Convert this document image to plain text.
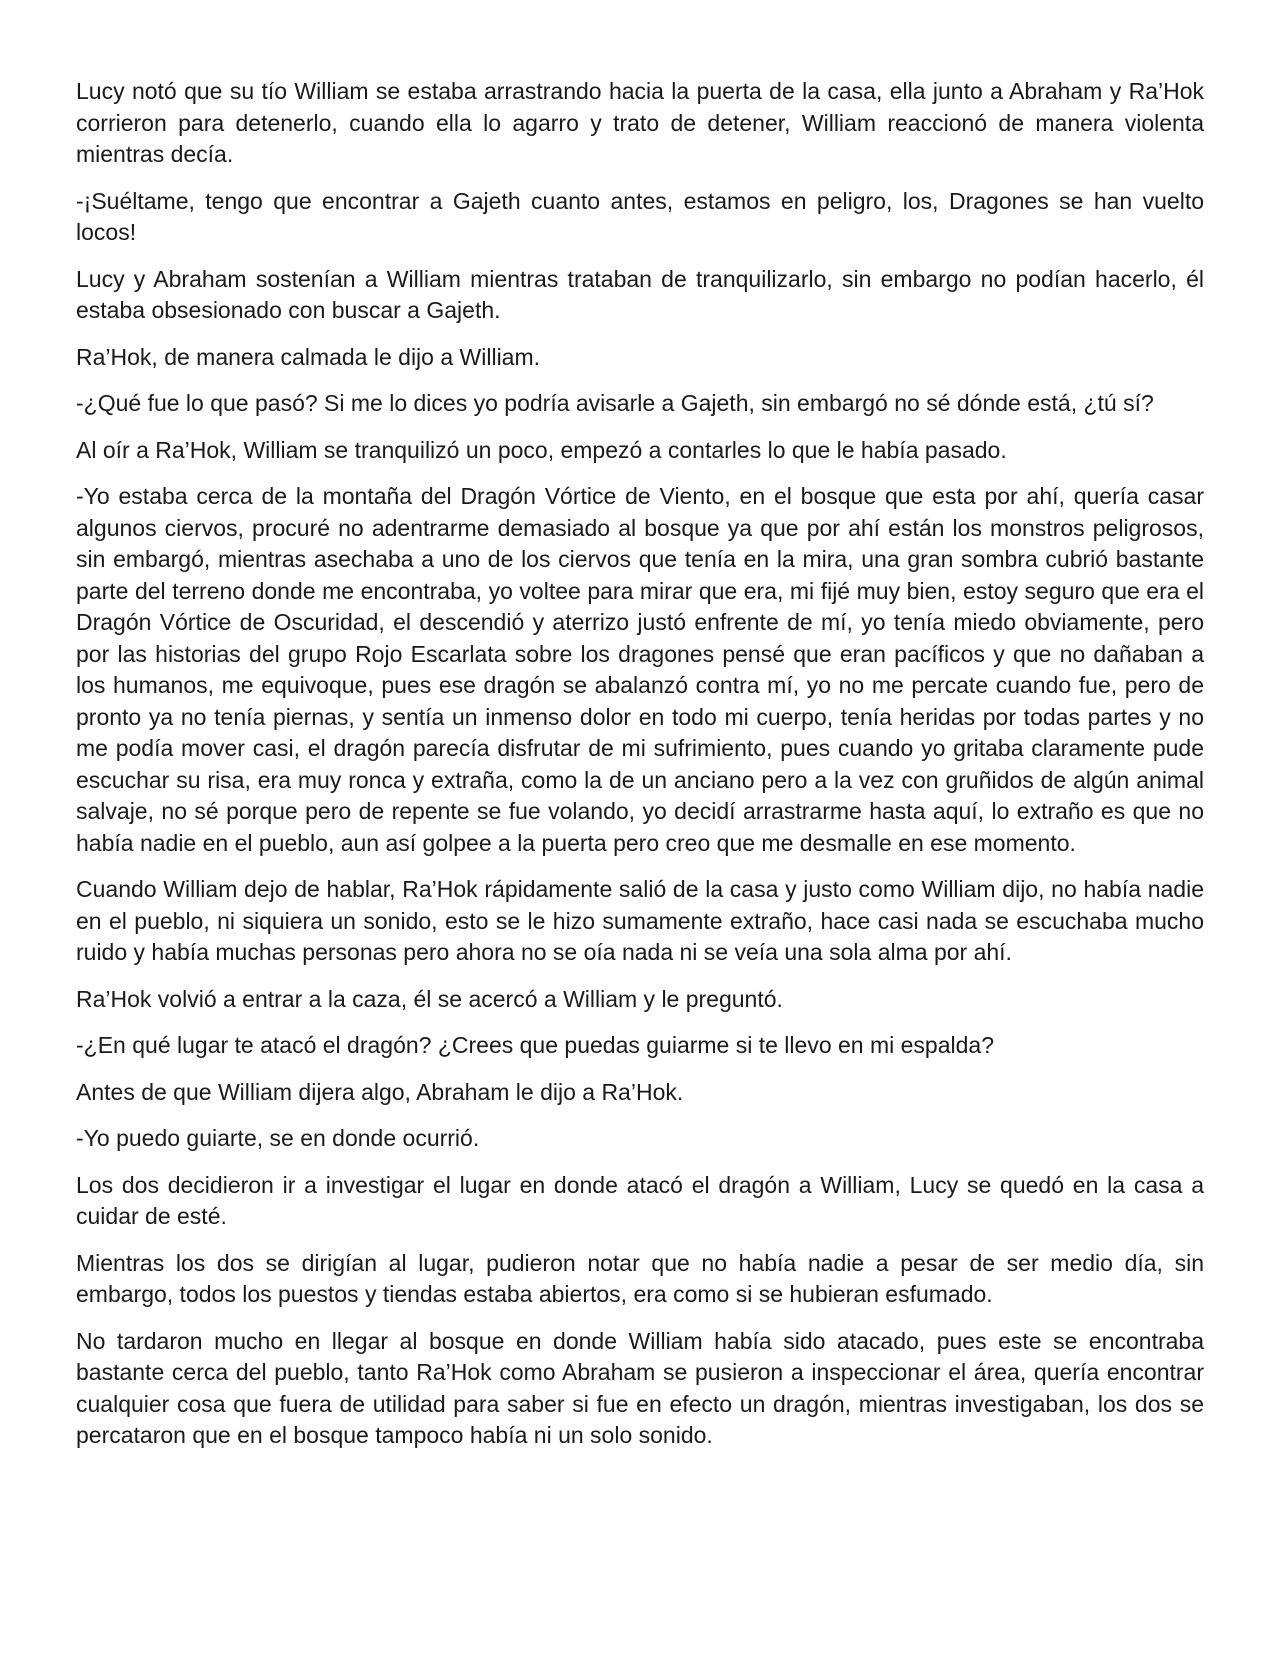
Lucy notó que su tío William se estaba arrastrando hacia la puerta de la casa, ella junto a Abraham y Ra’Hok corrieron para detenerlo, cuando ella lo agarro y trato de detener, William reaccionó de manera violenta mientras decía.

-¡Suéltame, tengo que encontrar a Gajeth cuanto antes, estamos en peligro, los, Dragones se han vuelto locos!

Lucy y Abraham sostenían a William mientras trataban de tranquilizarlo, sin embargo no podían hacerlo, él estaba obsesionado con buscar a Gajeth.

Ra’Hok, de manera calmada le dijo a William.

-¿Qué fue lo que pasó? Si me lo dices yo podría avisarle a Gajeth, sin embargó no sé dónde está, ¿tú sí?

Al oír a Ra’Hok, William se tranquilizó un poco, empezó a contarles lo que le había pasado.

-Yo estaba cerca de la montaña del Dragón Vórtice de Viento, en el bosque que esta por ahí, quería casar algunos ciervos, procuré no adentrarme demasiado al bosque ya que por ahí están los monstros peligrosos, sin embargó, mientras asechaba a uno de los ciervos que tenía en la mira, una gran sombra cubrió bastante parte del terreno donde me encontraba, yo voltee para mirar que era, mi fijé muy bien, estoy seguro que era el Dragón Vórtice de Oscuridad, el descendió y aterrizo justó enfrente de mí, yo tenía miedo obviamente, pero por las historias del grupo Rojo Escarlata sobre los dragones pensé que eran pacíficos y que no dañaban a los humanos, me equivoque, pues ese dragón se abalanzó contra mí, yo no me percate cuando fue, pero de pronto ya no tenía piernas, y sentía un inmenso dolor en todo mi cuerpo, tenía heridas por todas partes y no me podía mover casi, el dragón parecía disfrutar de mi sufrimiento, pues cuando yo gritaba claramente pude escuchar su risa, era muy ronca y extraña, como la de un anciano pero a la vez con gruñidos de algún animal salvaje, no sé porque pero de repente se fue volando, yo decidí arrastrarme hasta aquí, lo extraño es que no había nadie en el pueblo, aun así golpee a la puerta pero creo que me desmalle en ese momento.

Cuando William dejo de hablar, Ra’Hok rápidamente salió de la casa y justo como William dijo, no había nadie en el pueblo, ni siquiera un sonido, esto se le hizo sumamente extraño, hace casi nada se escuchaba mucho ruido y había muchas personas pero ahora no se oía nada ni se veía una sola alma por ahí.

Ra’Hok volvió a entrar a la caza, él se acercó a William y le preguntó.

-¿En qué lugar te atacó el dragón? ¿Crees que puedas guiarme si te llevo en mi espalda?

Antes de que William dijera algo, Abraham le dijo a Ra’Hok.

-Yo puedo guiarte, se en donde ocurrió.

Los dos decidieron ir a investigar el lugar en donde atacó el dragón a William, Lucy se quedó en la casa a cuidar de esté.

Mientras los dos se dirigían al lugar, pudieron notar que no había nadie a pesar de ser medio día, sin embargo, todos los puestos y tiendas estaba abiertos, era como si se hubieran esfumado.

No tardaron mucho en llegar al bosque en donde William había sido atacado, pues este se encontraba bastante cerca del pueblo, tanto Ra’Hok como Abraham se pusieron a inspeccionar el área, quería encontrar cualquier cosa que fuera de utilidad para saber si fue en efecto un dragón, mientras investigaban, los dos se percataron que en el bosque tampoco había ni un solo sonido.
